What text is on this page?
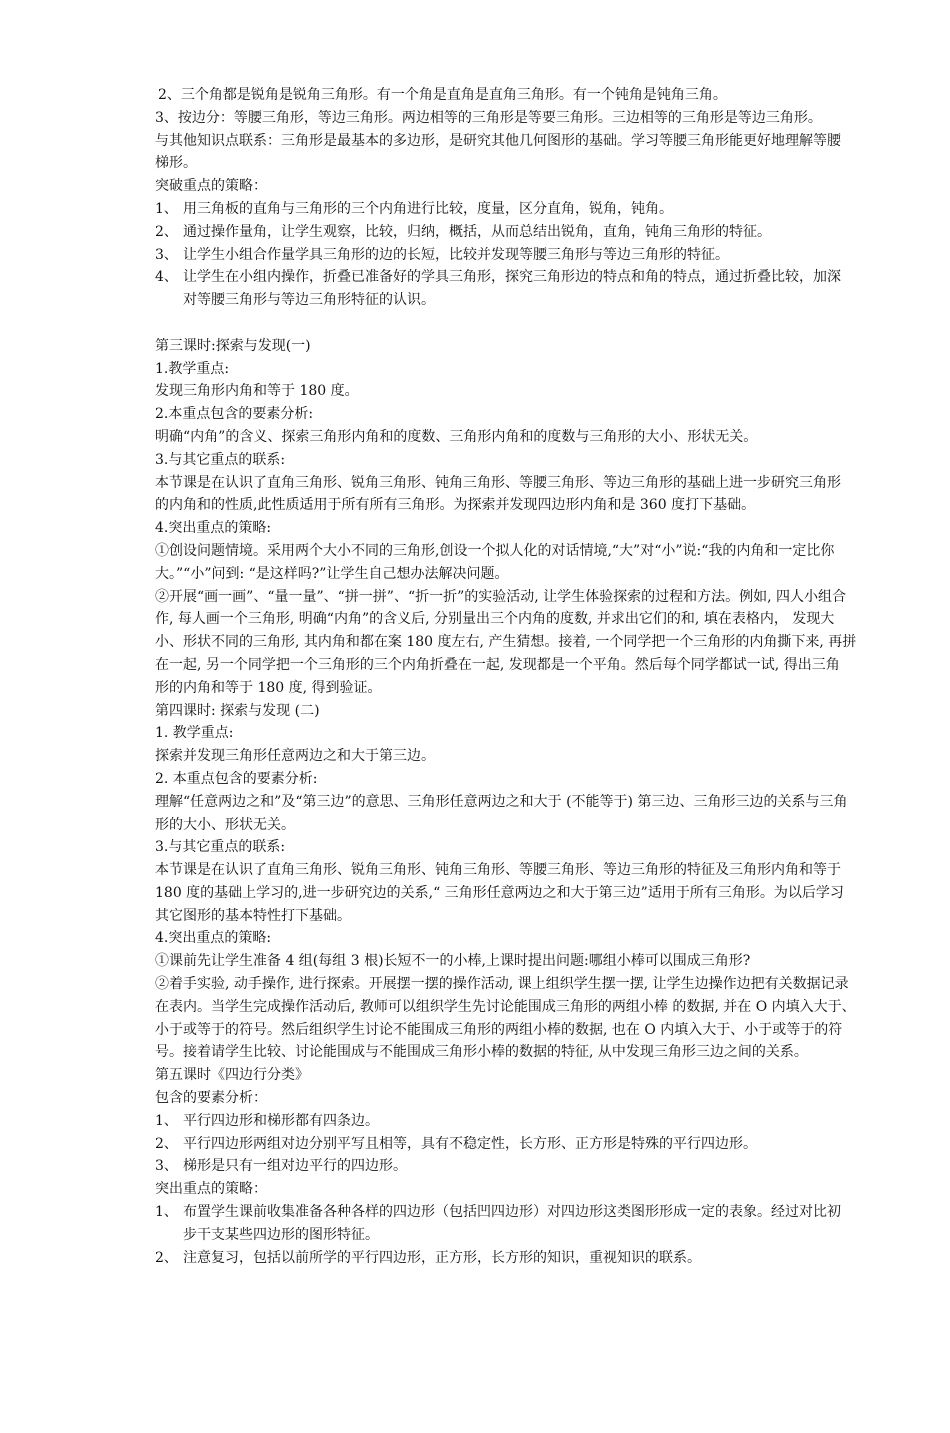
2、三个角都是锐角是锐角三角形。有一个角是直角是直角三角形。有一个钝角是钝角三角。
3、按边分：等腰三角形，等边三角形。两边相等的三角形是等要三角形。三边相等的三角形是等边三角形。
与其他知识点联系：三角形是最基本的多边形，是研究其他几何图形的基础。学习等腰三角形能更好地理解等腰
梯形。
突破重点的策略：
1、 用三角板的直角与三角形的三个内角进行比较，度量，区分直角，锐角，钝角。
2、 通过操作量角，让学生观察，比较，归纳，概括，从而总结出锐角，直角，钝角三角形的特征。
3、 让学生小组合作量学具三角形的边的长短，比较并发现等腰三角形与等边三角形的特征。
4、 让学生在小组内操作，折叠已准备好的学具三角形，探究三角形边的特点和角的特点，通过折叠比较，加深
对等腰三角形与等边三角形特征的认识。
第三课时:探索与发现(一)
1.教学重点:
发现三角形内角和等于 180 度。
2.本重点包含的要素分析:
明确“内角”的含义、探索三角形内角和的度数、三角形内角和的度数与三角形的大小、形状无关。
3.与其它重点的联系:
本节课是在认识了直角三角形、锐角三角形、钝角三角形、等腰三角形、等边三角形的基础上进一步研究三角形
的内角和的性质,此性质适用于所有所有三角形。为探索并发现四边形内角和是 360 度打下基础。
4.突出重点的策略:
①创设问题情境。采用两个大小不同的三角形,创设一个拟人化的对话情境,“大”对“小”说:“我的内角和一定比你
大。”“小”问到: “是这样吗?”让学生自己想办法解决问题。
②开展“画一画”、“量一量”、“拼一拼”、“折一折”的实验活动, 让学生体验探索的过程和方法。例如, 四人小组合
作, 每人画一个三角形, 明确“内角”的含义后, 分别量出三个内角的度数, 并求出它们的和, 填在表格内， 发现大
小、形状不同的三角形, 其内角和都在案 180 度左右, 产生猜想。接着, 一个同学把一个三角形的内角撕下来, 再拼
在一起, 另一个同学把一个三角形的三个内角折叠在一起, 发现都是一个平角。然后每个同学都试一试, 得出三角
形的内角和等于 180 度, 得到验证。
第四课时: 探索与发现 (二)
1. 教学重点:
探索并发现三角形任意两边之和大于第三边。
2. 本重点包含的要素分析:
理解“任意两边之和”及“第三边”的意思、三角形任意两边之和大于 (不能等于) 第三边、三角形三边的关系与三角
形的大小、形状无关。
3.与其它重点的联系:
本节课是在认识了直角三角形、锐角三角形、钝角三角形、等腰三角形、等边三角形的特征及三角形内角和等于
180 度的基础上学习的,进一步研究边的关系,“ 三角形任意两边之和大于第三边”适用于所有三角形。为以后学习
其它图形的基本特性打下基础。
4.突出重点的策略:
①课前先让学生准备 4 组(每组 3 根)长短不一的小棒,上课时提出问题:哪组小棒可以围成三角形?
②着手实验, 动手操作, 进行探索。开展摆一摆的操作活动, 课上组织学生摆一摆, 让学生边操作边把有关数据记录
在表内。当学生完成操作活动后, 教师可以组织学生先讨论能围成三角形的两组小棒 的数据, 并在 O 内填入大于、
小于或等于的符号。然后组织学生讨论不能围成三角形的两组小棒的数据, 也在 O 内填入大于、小于或等于的符
号。接着请学生比较、讨论能围成与不能围成三角形小棒的数据的特征, 从中发现三角形三边之间的关系。
第五课时《四边行分类》
包含的要素分析：
1、 平行四边形和梯形都有四条边。
2、 平行四边形两组对边分别平写且相等，具有不稳定性，长方形、正方形是特殊的平行四边形。
3、 梯形是只有一组对边平行的四边形。
突出重点的策略：
1、 布置学生课前收集准备各种各样的四边形（包括凹四边形）对四边形这类图形形成一定的表象。经过对比初
步干支某些四边形的图形特征。
2、 注意复习，包括以前所学的平行四边形，正方形，长方形的知识，重视知识的联系。
